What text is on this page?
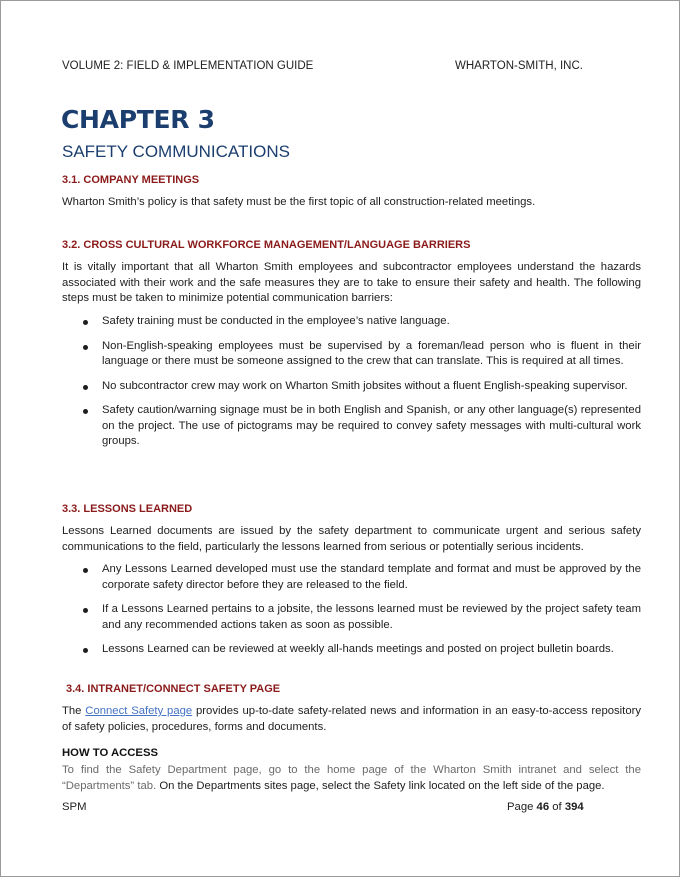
VOLUME 2: FIELD & IMPLEMENTATION GUIDE	WHARTON-SMITH, INC.
CHAPTER 3
SAFETY COMMUNICATIONS
3.1. COMPANY MEETINGS
Wharton Smith’s policy is that safety must be the first topic of all construction-related meetings.
3.2. CROSS CULTURAL WORKFORCE MANAGEMENT/LANGUAGE BARRIERS
It is vitally important that all Wharton Smith employees and subcontractor employees understand the hazards associated with their work and the safe measures they are to take to ensure their safety and health. The following steps must be taken to minimize potential communication barriers:
Safety training must be conducted in the employee’s native language.
Non-English-speaking employees must be supervised by a foreman/lead person who is fluent in their language or there must be someone assigned to the crew that can translate. This is required at all times.
No subcontractor crew may work on Wharton Smith jobsites without a fluent English-speaking supervisor.
Safety caution/warning signage must be in both English and Spanish, or any other language(s) represented on the project. The use of pictograms may be required to convey safety messages with multi-cultural work groups.
3.3. LESSONS LEARNED
Lessons Learned documents are issued by the safety department to communicate urgent and serious safety communications to the field, particularly the lessons learned from serious or potentially serious incidents.
Any Lessons Learned developed must use the standard template and format and must be approved by the corporate safety director before they are released to the field.
If a Lessons Learned pertains to a jobsite, the lessons learned must be reviewed by the project safety team and any recommended actions taken as soon as possible.
Lessons Learned can be reviewed at weekly all-hands meetings and posted on project bulletin boards.
3.4. INTRANET/CONNECT SAFETY PAGE
The Connect Safety page provides up-to-date safety-related news and information in an easy-to-access repository of safety policies, procedures, forms and documents.
HOW TO ACCESS
To find the Safety Department page, go to the home page of the Wharton Smith intranet and select the “Departments” tab. On the Departments sites page, select the Safety link located on the left side of the page.
SPM	Page 46 of 394
